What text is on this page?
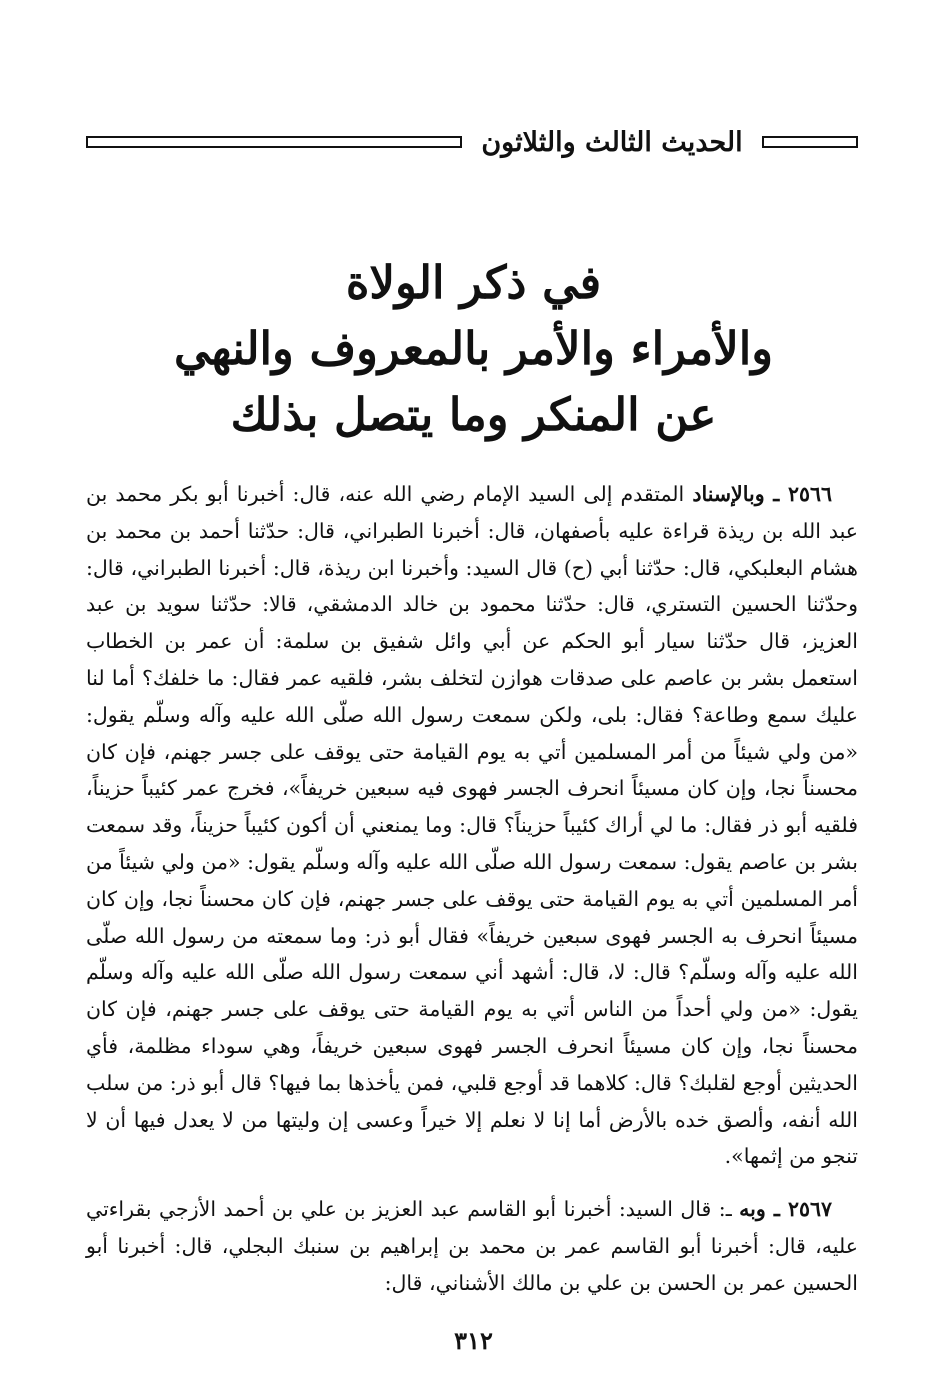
الحديث الثالث والثلاثون
في ذكر الولاة
والأمراء والأمر بالمعروف والنهي
عن المنكر وما يتصل بذلك

٢٥٦٦ ـ وبالإسناد المتقدم إلى السيد الإمام رضي الله عنه، قال: أخبرنا أبو بكر محمد بن عبد الله بن ريذة قراءة عليه بأصفهان، قال: أخبرنا الطبراني، قال: حدّثنا أحمد بن محمد بن هشام البعلبكي، قال: حدّثنا أبي (ح) قال السيد: وأخبرنا ابن ريذة، قال: أخبرنا الطبراني، قال: وحدّثنا الحسين التستري، قال: حدّثنا محمود بن خالد الدمشقي، قالا: حدّثنا سويد بن عبد العزيز، قال حدّثنا سيار أبو الحكم عن أبي وائل شفيق بن سلمة: أن عمر بن الخطاب استعمل بشر بن عاصم على صدقات هوازن لتخلف بشر، فلقيه عمر فقال: ما خلفك؟ أما لنا عليك سمع وطاعة؟ فقال: بلى، ولكن سمعت رسول الله صلّى الله عليه وآله وسلّم يقول: «من ولي شيئاً من أمر المسلمين أتي به يوم القيامة حتى يوقف على جسر جهنم، فإن كان محسناً نجا، وإن كان مسيئاً انحرف الجسر فهوى فيه سبعين خريفاً»، فخرج عمر كئيباً حزيناً، فلقيه أبو ذر فقال: ما لي أراك كئيباً حزيناً؟ قال: وما يمنعني أن أكون كئيباً حزيناً، وقد سمعت بشر بن عاصم يقول: سمعت رسول الله صلّى الله عليه وآله وسلّم يقول: «من ولي شيئاً من أمر المسلمين أتي به يوم القيامة حتى يوقف على جسر جهنم، فإن كان محسناً نجا، وإن كان مسيئاً انحرف به الجسر فهوى سبعين خريفاً» فقال أبو ذر: وما سمعته من رسول الله صلّى الله عليه وآله وسلّم؟ قال: لا، قال: أشهد أني سمعت رسول الله صلّى الله عليه وآله وسلّم يقول: «من ولي أحداً من الناس أتي به يوم القيامة حتى يوقف على جسر جهنم، فإن كان محسناً نجا، وإن كان مسيئاً انحرف الجسر فهوى سبعين خريفاً، وهي سوداء مظلمة، فأي الحديثين أوجع لقلبك؟ قال: كلاهما قد أوجع قلبي، فمن يأخذها بما فيها؟ قال أبو ذر: من سلب الله أنفه، وألصق خده بالأرض أما إنا لا نعلم إلا خيراً وعسى إن وليتها من لا يعدل فيها أن لا تنجو من إثمها».

٢٥٦٧ ـ وبه ـ: قال السيد: أخبرنا أبو القاسم عبد العزيز بن علي بن أحمد الأزجي بقراءتي عليه، قال: أخبرنا أبو القاسم عمر بن محمد بن إبراهيم بن سنبك البجلي، قال: أخبرنا أبو الحسين عمر بن الحسن بن علي بن مالك الأشناني، قال:

٣١٢
